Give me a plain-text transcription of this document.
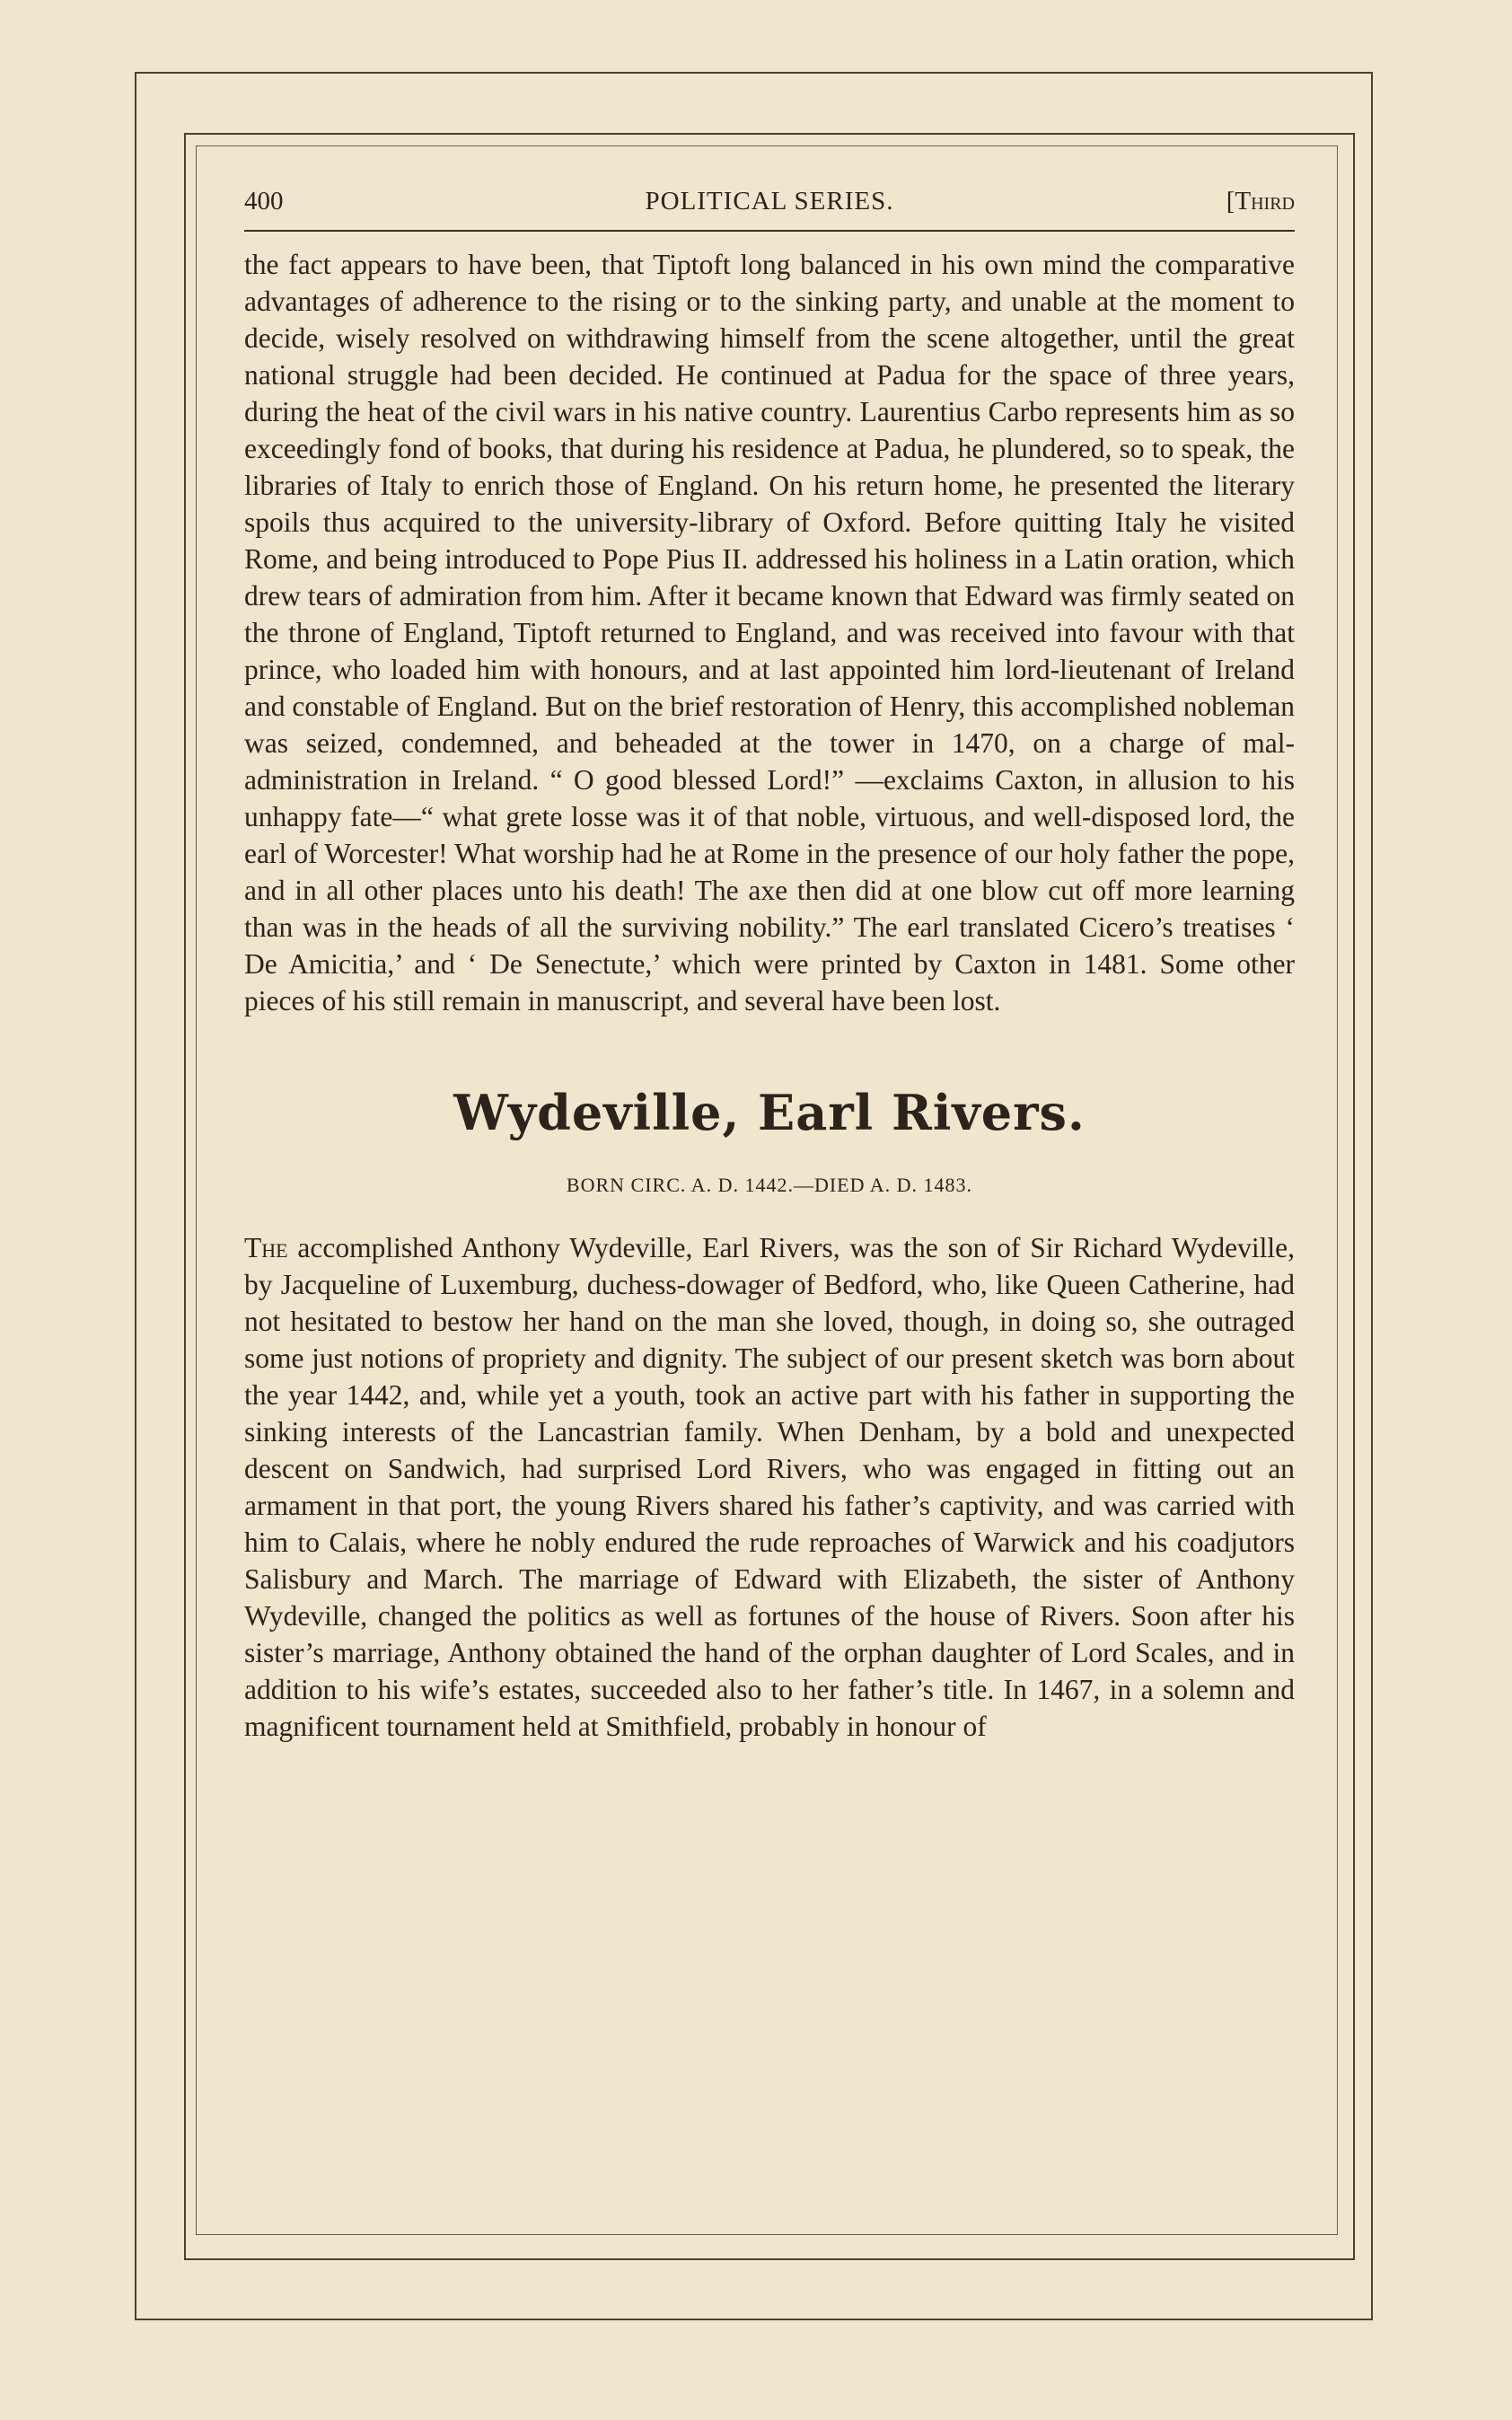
400	POLITICAL SERIES.	[Third

the fact appears to have been, that Tiptoft long balanced in his own mind the comparative advantages of adherence to the rising or to the sinking party, and unable at the moment to decide, wisely resolved on withdrawing himself from the scene altogether, until the great national struggle had been decided. He continued at Padua for the space of three years, during the heat of the civil wars in his native country. Laurentius Carbo represents him as so exceedingly fond of books, that during his residence at Padua, he plundered, so to speak, the libraries of Italy to enrich those of England. On his return home, he presented the literary spoils thus acquired to the university-library of Oxford. Before quitting Italy he visited Rome, and being introduced to Pope Pius II. addressed his holiness in a Latin oration, which drew tears of admiration from him. After it became known that Edward was firmly seated on the throne of England, Tiptoft returned to England, and was received into favour with that prince, who loaded him with honours, and at last appointed him lord-lieutenant of Ireland and constable of England. But on the brief restoration of Henry, this accomplished nobleman was seized, condemned, and beheaded at the tower in 1470, on a charge of mal-administration in Ireland. “ O good blessed Lord!” —exclaims Caxton, in allusion to his unhappy fate—“ what grete losse was it of that noble, virtuous, and well-disposed lord, the earl of Worcester! What worship had he at Rome in the presence of our holy father the pope, and in all other places unto his death! The axe then did at one blow cut off more learning than was in the heads of all the surviving nobility.” The earl translated Cicero’s treatises ‘ De Amicitia,’ and ‘ De Senectute,’ which were printed by Caxton in 1481. Some other pieces of his still remain in manuscript, and several have been lost.

Wydeville, Earl Rivers.
BORN CIRC. A. D. 1442.—DIED A. D. 1483.

The accomplished Anthony Wydeville, Earl Rivers, was the son of Sir Richard Wydeville, by Jacqueline of Luxemburg, duchess-dowager of Bedford, who, like Queen Catherine, had not hesitated to bestow her hand on the man she loved, though, in doing so, she outraged some just notions of propriety and dignity. The subject of our present sketch was born about the year 1442, and, while yet a youth, took an active part with his father in supporting the sinking interests of the Lancastrian family. When Denham, by a bold and unexpected descent on Sandwich, had surprised Lord Rivers, who was engaged in fitting out an armament in that port, the young Rivers shared his father’s captivity, and was carried with him to Calais, where he nobly endured the rude reproaches of Warwick and his coadjutors Salisbury and March. The marriage of Edward with Elizabeth, the sister of Anthony Wydeville, changed the politics as well as fortunes of the house of Rivers. Soon after his sister’s marriage, Anthony obtained the hand of the orphan daughter of Lord Scales, and in addition to his wife’s estates, succeeded also to her father’s title. In 1467, in a solemn and magnificent tournament held at Smithfield, probably in honour of
